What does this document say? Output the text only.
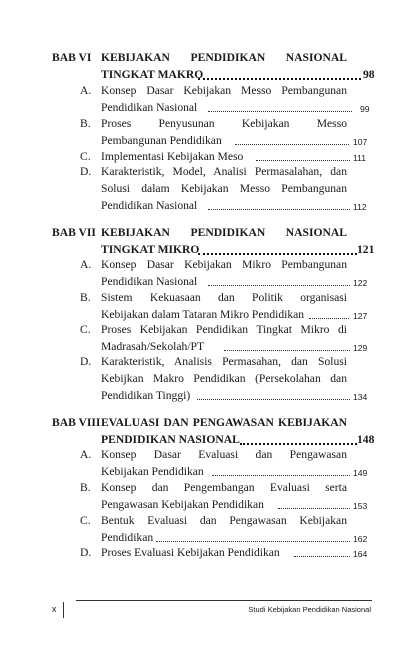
BAB VI KEBIJAKAN PENDIDIKAN NASIONAL
TINGKAT MAKRO	98
A. Konsep Dasar Kebijakan Messo Pembangunan
Pendidikan Nasional	99
B. Proses Penyusunan Kebijakan Messo
Pembangunan Pendidikan	107
C. Implementasi Kebijakan Meso	111
D. Karakteristik, Model, Analisi Permasalahan, dan
Solusi dalam Kebijakan Messo Pembangunan
Pendidikan Nasional	112
BAB VII KEBIJAKAN PENDIDIKAN NASIONAL
TINGKAT MIKRO	121
A. Konsep Dasar Kebijakan Mikro Pembangunan
Pendidikan Nasional	122
B. Sistem Kekuasaan dan Politik organisasi
Kebijakan dalam Tataran Mikro Pendidikan	127
C. Proses Kebijakan Pendidikan Tingkat Mikro di
Madrasah/Sekolah/PT	129
D. Karakteristik, Analisis Permasahan, dan Solusi
Kebijkan Makro Pendidikan (Persekolahan dan
Pendidikan Tinggi)	134
BAB VIII EVALUASI DAN PENGAWASAN KEBIJAKAN
PENDIDIKAN NASIONAL	148
A. Konsep Dasar Evaluasi dan Pengawasan
Kebijakan Pendidikan	149
B. Konsep dan Pengembangan Evaluasi serta
Pengawasan Kebijakan Pendidikan	153
C. Bentuk Evaluasi dan Pengawasan Kebijakan
Pendidikan	162
D. Proses Evaluasi Kebijakan Pendidikan	164
x	Studi Kebijakan Pendidikan Nasional
